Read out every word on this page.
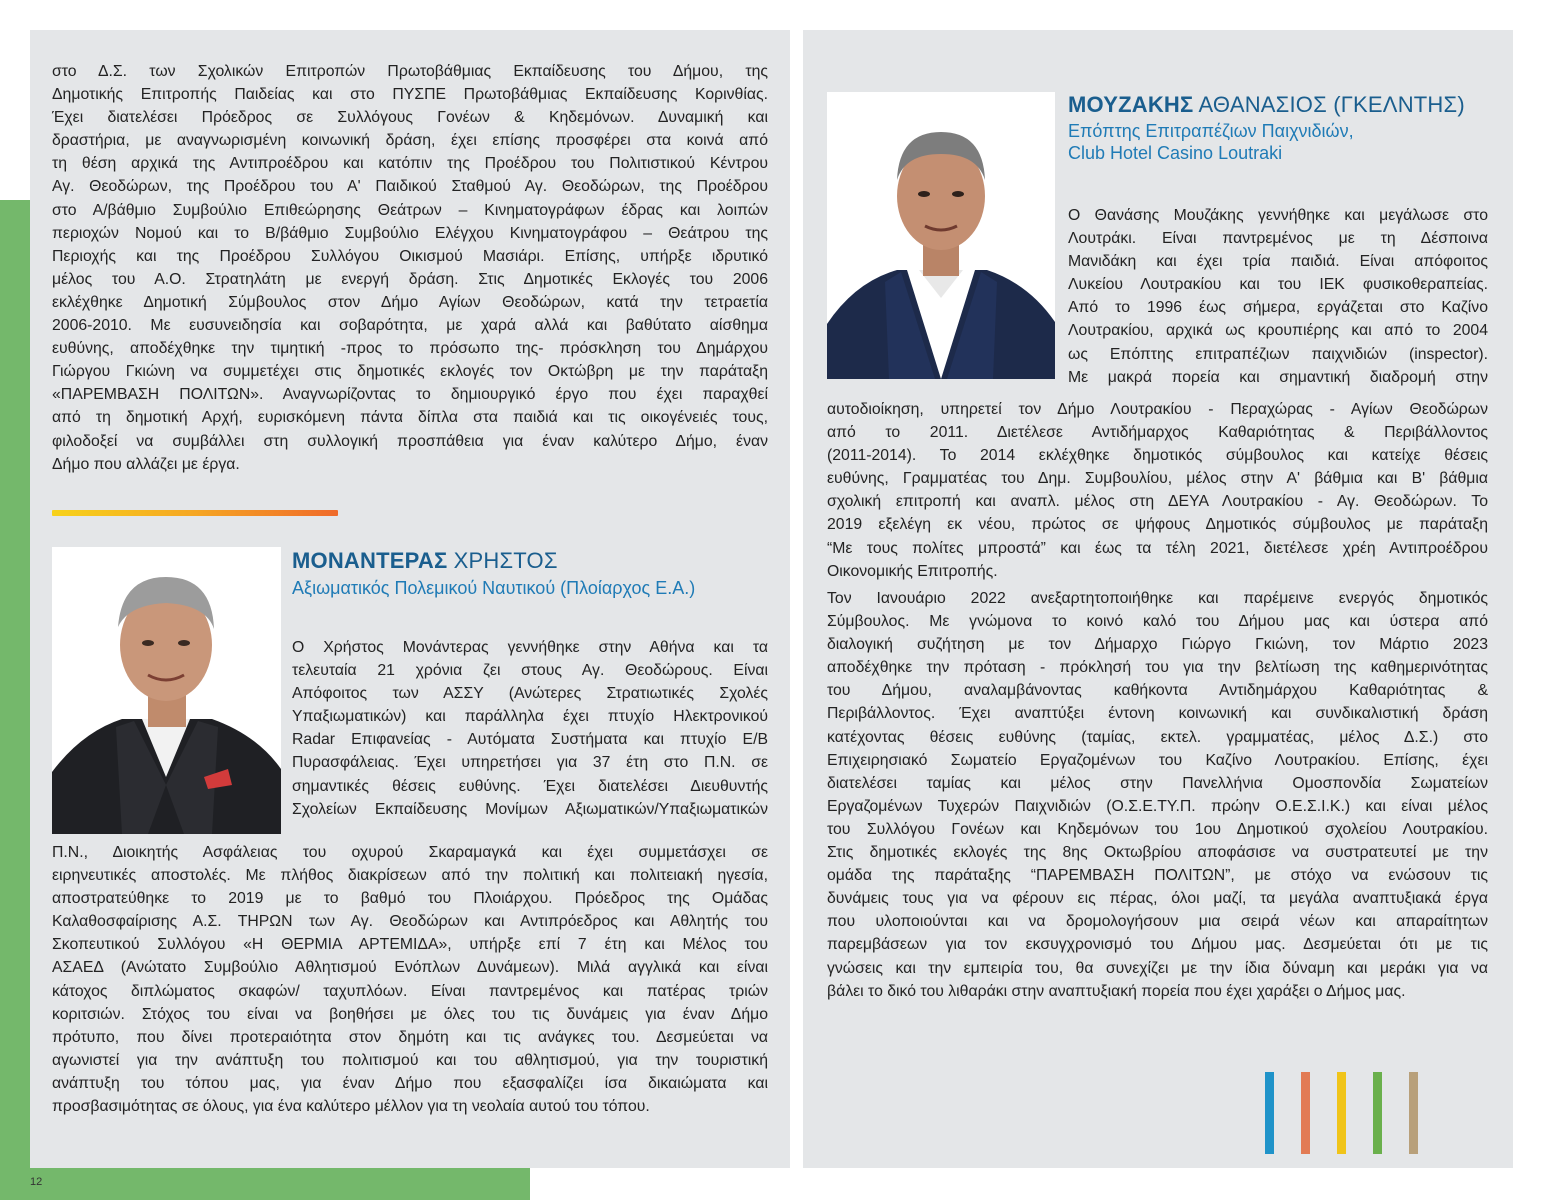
στο Δ.Σ. των Σχολικών Επιτροπών Πρωτοβάθμιας Εκπαίδευσης του Δήμου, της
Δημοτικής Επιτροπής Παιδείας και στο ΠΥΣΠΕ Πρωτοβάθμιας Εκπαίδευσης Κορινθίας.
Έχει διατελέσει Πρόεδρος σε Συλλόγους Γονέων & Κηδεμόνων. Δυναμική και
δραστήρια, με αναγνωρισμένη κοινωνική δράση, έχει επίσης προσφέρει στα κοινά από
τη θέση αρχικά της Αντιπροέδρου και κατόπιν της Προέδρου του Πολιτιστικού Κέντρου
Αγ. Θεοδώρων, της Προέδρου του Α' Παιδικού Σταθμού Αγ. Θεοδώρων, της Προέδρου
στο Α/βάθμιο Συμβούλιο Επιθεώρησης Θεάτρων – Κινηματογράφων έδρας και λοιπών
περιοχών Νομού και το Β/βάθμιο Συμβούλιο Ελέγχου Κινηματογράφου – Θεάτρου της
Περιοχής και της Προέδρου Συλλόγου Οικισμού Μασιάρι. Επίσης, υπήρξε ιδρυτικό
μέλος του Α.Ο. Στρατηλάτη με ενεργή δράση. Στις Δημοτικές Εκλογές του 2006
εκλέχθηκε Δημοτική Σύμβουλος στον Δήμο Αγίων Θεοδώρων, κατά την τετραετία
2006-2010. Με ευσυνειδησία και σοβαρότητα, με χαρά αλλά και βαθύτατο αίσθημα
ευθύνης, αποδέχθηκε την τιμητική -προς το πρόσωπο της- πρόσκληση του Δημάρχου
Γιώργου Γκιώνη να συμμετέχει στις δημοτικές εκλογές τον Οκτώβρη με την παράταξη
«ΠΑΡΕΜΒΑΣΗ ΠΟΛΙΤΩΝ». Αναγνωρίζοντας το δημιουργικό έργο που έχει παραχθεί
από τη δημοτική Αρχή, ευρισκόμενη πάντα δίπλα στα παιδιά και τις οικογένειές τους,
φιλοδοξεί να συμβάλλει στη συλλογική προσπάθεια για έναν καλύτερο Δήμο, έναν
Δήμο που αλλάζει με έργα.

ΜΟΝΑΝΤΕΡΑΣ ΧΡΗΣΤΟΣ

Αξιωματικός Πολεμικού Ναυτικού (Πλοίαρχος Ε.Α.)
Ο Χρήστος Μονάντερας γεννήθηκε στην Αθήνα και τα
τελευταία 21 χρόνια ζει στους Αγ. Θεοδώρους. Είναι
Απόφοιτος των ΑΣΣΥ (Ανώτερες Στρατιωτικές Σχολές
Υπαξιωματικών) και παράλληλα έχει πτυχίο Ηλεκτρονικού
Radar Επιφανείας - Αυτόματα Συστήματα και πτυχίο Ε/Β
Πυρασφάλειας. Έχει υπηρετήσει για 37 έτη στο Π.Ν. σε
σημαντικές θέσεις ευθύνης. Έχει διατελέσει Διευθυντής
Σχολείων Εκπαίδευσης Μονίμων Αξιωματικών/Υπαξιωματικών
Π.Ν., Διοικητής Ασφάλειας του οχυρού Σκαραμαγκά και έχει συμμετάσχει σε
ειρηνευτικές αποστολές. Με πλήθος διακρίσεων από την πολιτική και πολιτειακή ηγεσία,
αποστρατεύθηκε το 2019 με το βαθμό του Πλοιάρχου. Πρόεδρος της Ομάδας
Καλαθοσφαίρισης Α.Σ. ΤΗΡΩΝ των Αγ. Θεοδώρων και Αντιπρόεδρος και Αθλητής του
Σκοπευτικού Συλλόγου «Η ΘΕΡΜΙΑ ΑΡΤΕΜΙΔΑ», υπήρξε επί 7 έτη και Μέλος του
ΑΣΑΕΔ (Ανώτατο Συμβούλιο Αθλητισμού Ενόπλων Δυνάμεων). Μιλά αγγλικά και είναι
κάτοχος διπλώματος σκαφών/ ταχυπλόων. Είναι παντρεμένος και πατέρας τριών
κοριτσιών. Στόχος του είναι να βοηθήσει με όλες του τις δυνάμεις για έναν Δήμο
πρότυπο, που δίνει προτεραιότητα στον δημότη και τις ανάγκες του. Δεσμεύεται να
αγωνιστεί για την ανάπτυξη του πολιτισμού και του αθλητισμού, για την τουριστική
ανάπτυξη του τόπου μας, για έναν Δήμο που εξασφαλίζει ίσα δικαιώματα και
προσβασιμότητας σε όλους, για ένα καλύτερο μέλλον για τη νεολαία αυτού του τόπου.
12

ΜΟΥΖΑΚΗΣ ΑΘΑΝΑΣΙΟΣ (ΓΚΕΛΝΤΗΣ)

Επόπτης Επιτραπέζιων Παιχνιδιών,
Club Hotel Casino Loutraki
Ο Θανάσης Μουζάκης γεννήθηκε και μεγάλωσε στο
Λουτράκι. Είναι παντρεμένος με τη Δέσποινα
Μανιδάκη και έχει τρία παιδιά. Είναι απόφοιτος
Λυκείου Λουτρακίου και του ΙΕΚ φυσικοθεραπείας.
Από το 1996 έως σήμερα, εργάζεται στο Καζίνο
Λουτρακίου, αρχικά ως κρουπιέρης και από το 2004
ως Επόπτης επιτραπέζιων παιχνιδιών (inspector).
Με μακρά πορεία και σημαντική διαδρομή στην
αυτοδιοίκηση, υπηρετεί τον Δήμο Λουτρακίου - Περαχώρας - Αγίων Θεοδώρων
από το 2011. Διετέλεσε Αντιδήμαρχος Καθαριότητας & Περιβάλλοντος
(2011-2014). Το 2014 εκλέχθηκε δημοτικός σύμβουλος και κατείχε θέσεις
ευθύνης, Γραμματέας του Δημ. Συμβουλίου, μέλος στην Α' βάθμια και Β' βάθμια
σχολική επιτροπή και αναπλ. μέλος στη ΔΕΥΑ Λουτρακίου - Αγ. Θεοδώρων. Το
2019 εξελέγη εκ νέου, πρώτος σε ψήφους Δημοτικός σύμβουλος με παράταξη
“Με τους πολίτες μπροστά” και έως τα τέλη 2021, διετέλεσε χρέη Αντιπροέδρου
Οικονομικής Επιτροπής.
Τον Ιανουάριο 2022 ανεξαρτητοποιήθηκε και παρέμεινε ενεργός δημοτικός
Σύμβουλος. Με γνώμονα το κοινό καλό του Δήμου μας και ύστερα από
διαλογική συζήτηση με τον Δήμαρχο Γιώργο Γκιώνη, τον Μάρτιο 2023
αποδέχθηκε την πρόταση - πρόκλησή του για την βελτίωση της καθημερινότητας
του Δήμου, αναλαμβάνοντας καθήκοντα Αντιδημάρχου Καθαριότητας &
Περιβάλλοντος. Έχει αναπτύξει έντονη κοινωνική και συνδικαλιστική δράση
κατέχοντας θέσεις ευθύνης (ταμίας, εκτελ. γραμματέας, μέλος Δ.Σ.) στο
Επιχειρησιακό Σωματείο Εργαζομένων του Καζίνο Λουτρακίου. Επίσης, έχει
διατελέσει ταμίας και μέλος στην Πανελλήνια Ομοσπονδία Σωματείων
Εργαζομένων Τυχερών Παιχνιδιών (Ο.Σ.Ε.ΤΥ.Π. πρώην Ο.Ε.Σ.Ι.Κ.) και είναι μέλος
του Συλλόγου Γονέων και Κηδεμόνων του 1ου Δημοτικού σχολείου Λουτρακίου.
Στις δημοτικές εκλογές της 8ης Οκτωβρίου αποφάσισε να συστρατευτεί με την
ομάδα της παράταξης “ΠΑΡΕΜΒΑΣΗ ΠΟΛΙΤΩΝ”, με στόχο να ενώσουν τις
δυνάμεις τους για να φέρουν εις πέρας, όλοι μαζί, τα μεγάλα αναπτυξιακά έργα
που υλοποιούνται και να δρομολογήσουν μια σειρά νέων και απαραίτητων
παρεμβάσεων για τον εκσυγχρονισμό του Δήμου μας. Δεσμεύεται ότι με τις
γνώσεις και την εμπειρία του, θα συνεχίζει με την ίδια δύναμη και μεράκι για να
βάλει το δικό του λιθαράκι στην αναπτυξιακή πορεία που έχει χαράξει ο Δήμος μας.
